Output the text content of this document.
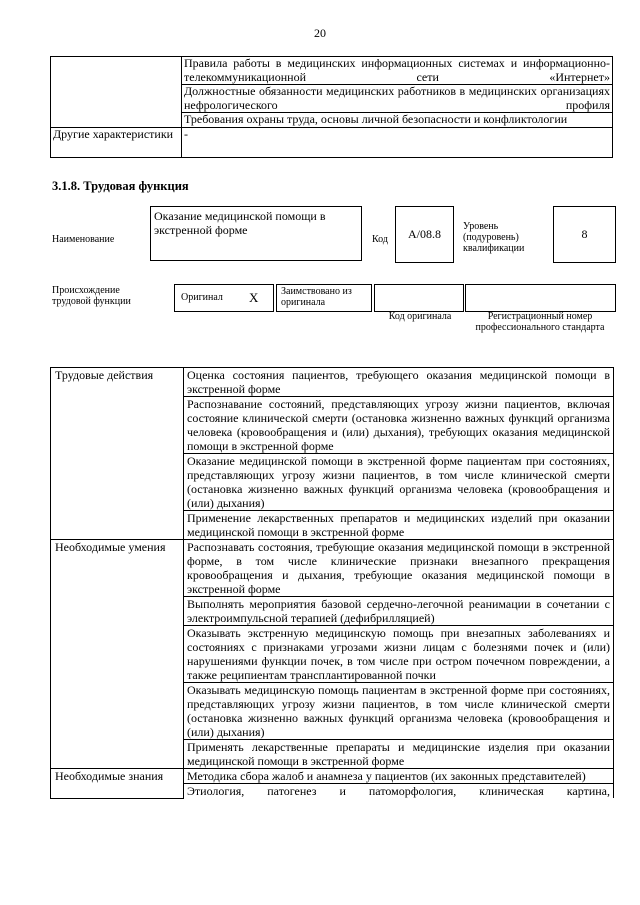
20
	Правила работы в медицинских информационных системах и информационно-телекоммуникационной сети «Интернет»
	Должностные обязанности медицинских работников в медицинских организациях нефрологического профиля
	Требования охраны труда, основы личной безопасности и конфликтологии
Другие характеристики	-
3.1.8. Трудовая функция
Наименование
Оказание медицинской помощи в экстренной форме
Код	А/08.8
Уровень (подуровень) квалификации
8
Происхождение трудовой функции	Оригинал X Заимствовано из оригинала
Код оригинала	Регистрационный номер профессионального стандарта
Трудовые действия	Оценка состояния пациентов, требующего оказания медицинской помощи в экстренной форме
	Распознавание состояний, представляющих угрозу жизни пациентов, включая состояние клинической смерти (остановка жизненно важных функций организма человека (кровообращения и (или) дыхания), требующих оказания медицинской помощи в экстренной форме
	Оказание медицинской помощи в экстренной форме пациентам при состояниях, представляющих угрозу жизни пациентов, в том числе клинической смерти (остановка жизненно важных функций организма человека (кровообращения и (или) дыхания)
	Применение лекарственных препаратов и медицинских изделий при оказании медицинской помощи в экстренной форме
Необходимые умения	Распознавать состояния, требующие оказания медицинской помощи в экстренной форме, в том числе клинические признаки внезапного прекращения кровообращения и дыхания, требующие оказания медицинской помощи в экстренной форме
	Выполнять мероприятия базовой сердечно-легочной реанимации в сочетании с электроимпульсной терапией (дефибрилляцией)
	Оказывать экстренную медицинскую помощь при внезапных заболеваниях и состояниях с признаками угрозами жизни лицам с болезнями почек и (или) нарушениями функции почек, в том числе при остром почечном повреждении, а также реципиентам трансплантированной почки
	Оказывать медицинскую помощь пациентам в экстренной форме при состояниях, представляющих угрозу жизни пациентов, в том числе клинической смерти (остановка жизненно важных функций организма человека (кровообращения и (или) дыхания)
	Применять лекарственные препараты и медицинские изделия при оказании медицинской помощи в экстренной форме
Необходимые знания	Методика сбора жалоб и анамнеза у пациентов (их законных представителей)
	Этиология, патогенез и патоморфология, клиническая картина,
